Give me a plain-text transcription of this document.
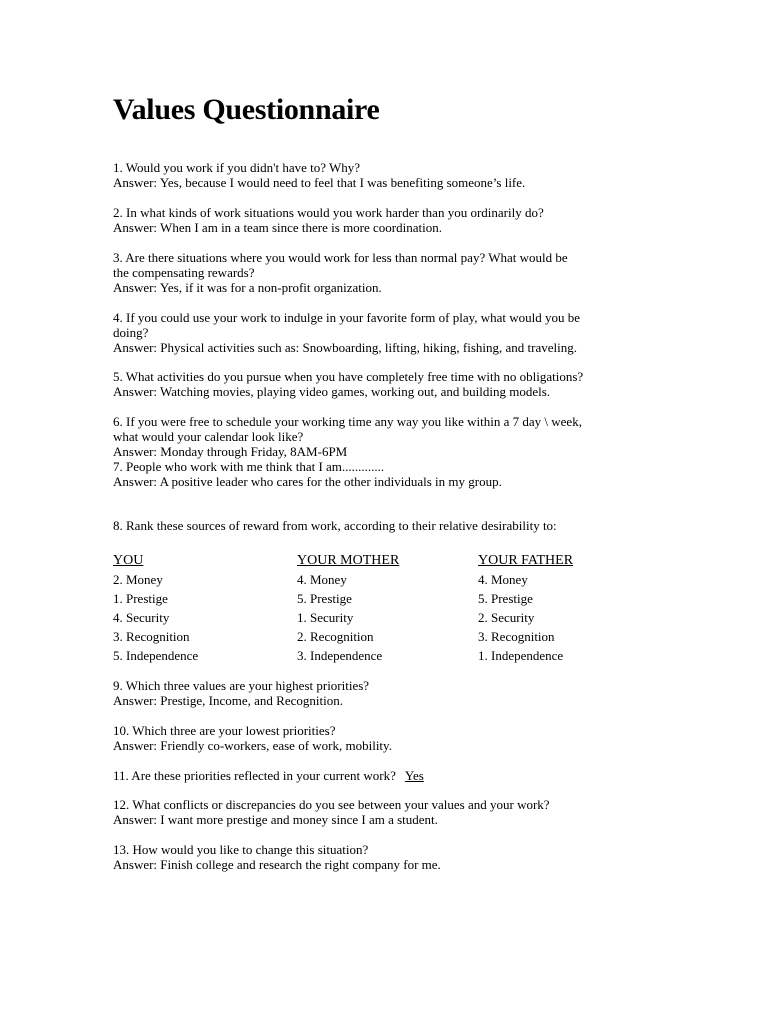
Values Questionnaire
1. Would you work if you didn't have to? Why?
Answer: Yes, because I would need to feel that I was benefiting someone’s life.
2. In what kinds of work situations would you work harder than you ordinarily do?
Answer: When I am in a team since there is more coordination.
3. Are there situations where you would work for less than normal pay? What would be
the compensating rewards?
Answer: Yes, if it was for a non-profit organization.
4. If you could use your work to indulge in your favorite form of play, what would you be
doing?
Answer: Physical activities such as: Snowboarding, lifting, hiking, fishing, and traveling.
5. What activities do you pursue when you have completely free time with no obligations?
Answer: Watching movies, playing video games, working out, and building models.
6. If you were free to schedule your working time any way you like within a 7 day \ week,
what would your calendar look like?
Answer: Monday through Friday, 8AM-6PM
7. People who work with me think that I am.............
Answer: A positive leader who cares for the other individuals in my group.
8. Rank these sources of reward from work, according to their relative desirability to:
YOU
2. Money
1. Prestige
4. Security
3. Recognition
5. Independence
YOUR MOTHER
4. Money
5. Prestige
1. Security
2. Recognition
3. Independence
YOUR FATHER
4. Money
5. Prestige
2. Security
3. Recognition
1. Independence
9. Which three values are your highest priorities?
Answer: Prestige, Income, and Recognition.
10. Which three are your lowest priorities?
Answer: Friendly co-workers, ease of work, mobility.
11. Are these priorities reflected in your current work? Yes
12. What conflicts or discrepancies do you see between your values and your work?
Answer: I want more prestige and money since I am a student.
13. How would you like to change this situation?
Answer: Finish college and research the right company for me.
